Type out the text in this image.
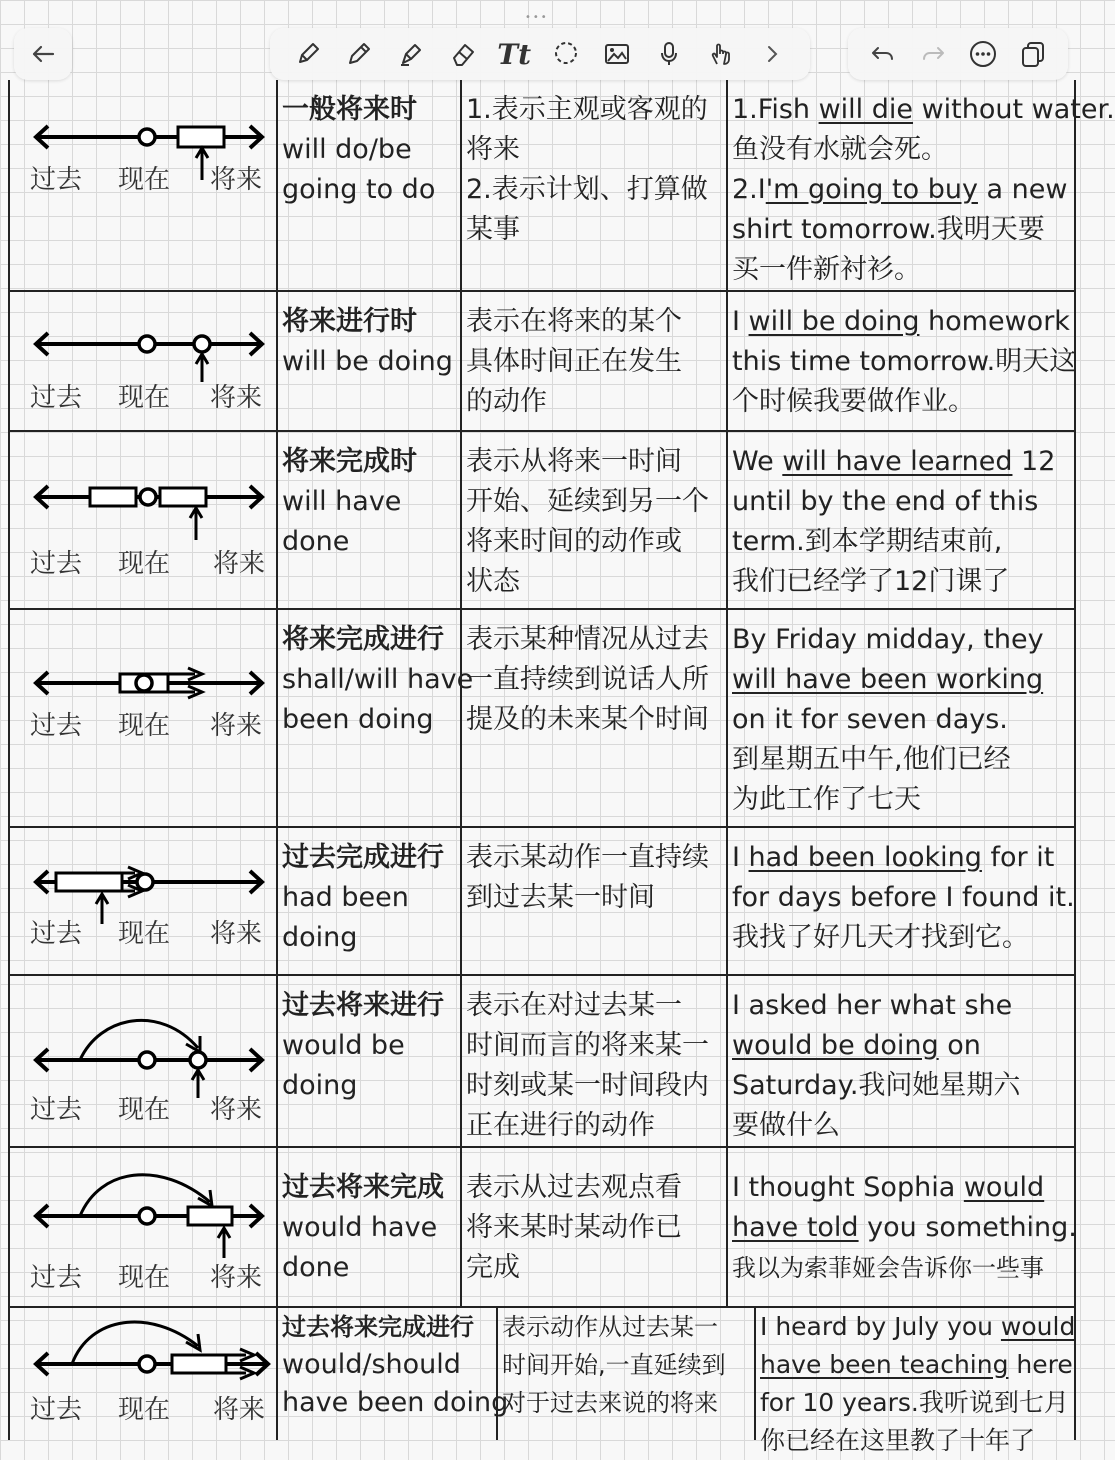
•••
Tt
过去 现在 将来
一般将来时
will do/be
going to do
1.表示主观或客观的
将来
2.表示计划、打算做
某事
1.Fish will die without water.
鱼没有水就会死。
2.I'm going to buy a new
shirt tomorrow.我明天要
买一件新衬衫。
过去 现在 将来
将来进行时
will be doing
表示在将来的某个
具体时间正在发生
的动作
I will be doing homework
this time tomorrow.明天这
个时候我要做作业。
过去 现在 将来
将来完成时
will have
done
表示从将来一时间
开始、延续到另一个
将来时间的动作或
状态
We will have learned 12
until by the end of this
term.到本学期结束前,
我们已经学了12门课了
过去 现在 将来
将来完成进行
shall/will have
been doing
表示某种情况从过去
一直持续到说话人所
提及的未来某个时间
By Friday midday, they
will have been working
on it for seven days.
到星期五中午,他们已经
为此工作了七天
过去 现在 将来
过去完成进行
had been
doing
表示某动作一直持续
到过去某一时间
I had been looking for it
for days before I found it.
我找了好几天才找到它。
过去 现在 将来
过去将来进行
would be
doing
表示在对过去某一
时间而言的将来某一
时刻或某一时间段内
正在进行的动作
I asked her what she
would be doing on
Saturday.我问她星期六
要做什么
过去 现在 将来
过去将来完成
would have
done
表示从过去观点看
将来某时某动作已
完成
I thought Sophia would
have told you something.
我以为索菲娅会告诉你一些事
过去 现在 将来
过去将来完成进行
would/should
have been doing
表示动作从过去某一
时间开始,一直延续到
对于过去来说的将来
I heard by July you would
have been teaching here
for 10 years.我听说到七月
你已经在这里教了十年了
